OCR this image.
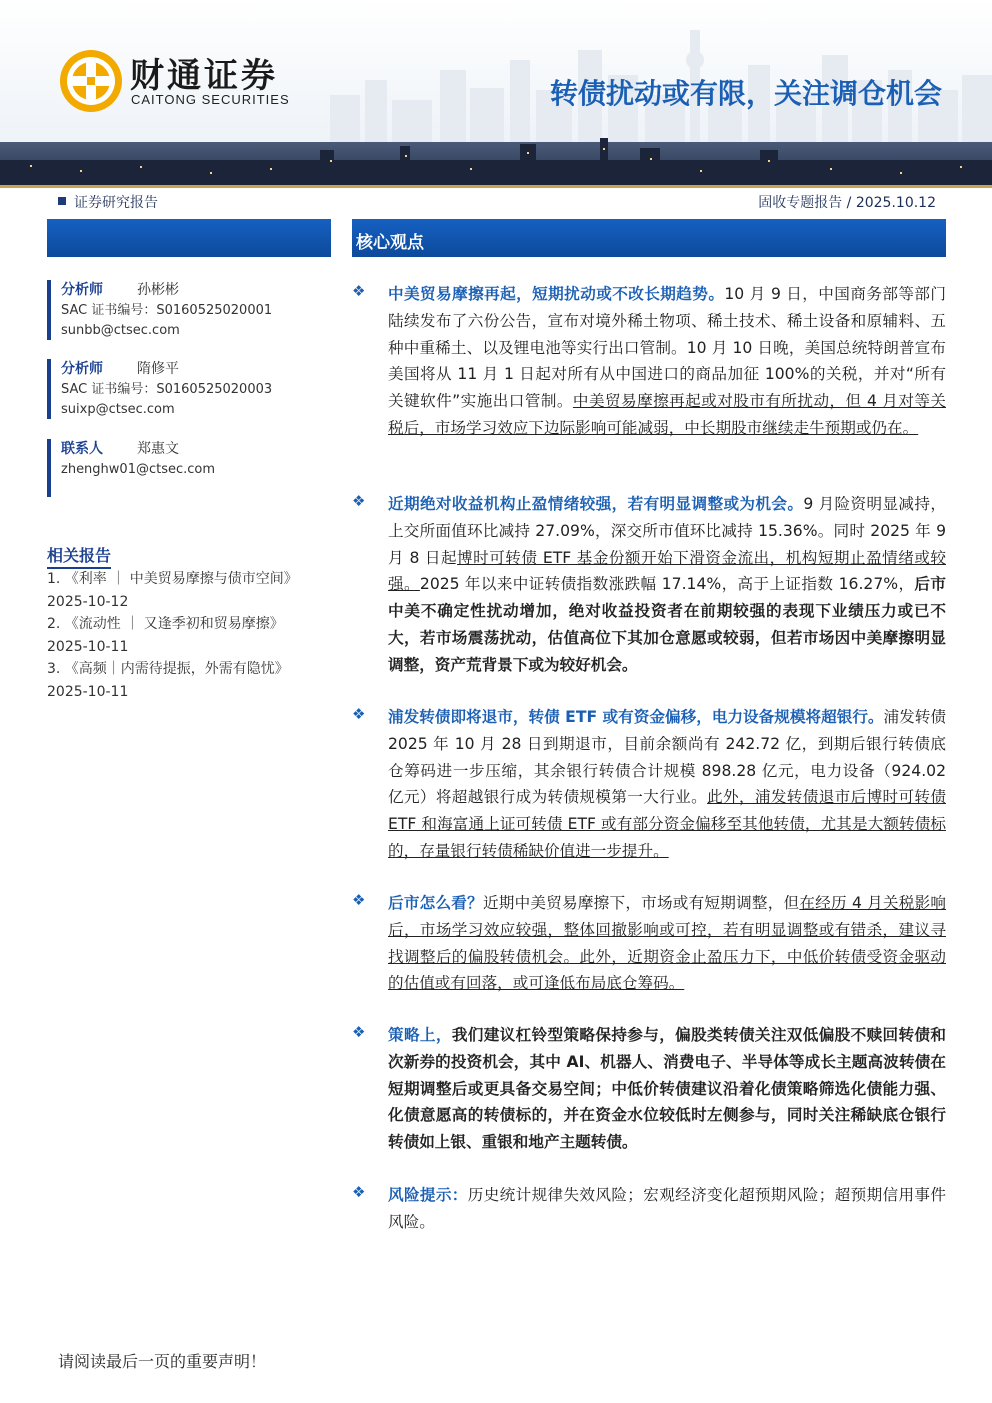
财通证券
CAITONG SECURITIES	转债扰动或有限，关注调仓机会
证券研究报告	固收专题报告 / 2025.10.12
核心观点
分析师 孙彬彬
SAC 证书编号：S0160525020001
sunbb@ctsec.com
分析师 隋修平
SAC 证书编号：S0160525020003
suixp@ctsec.com
联系人 郑惠文
zhenghw01@ctsec.com
相关报告
1. 《利率 ｜ 中美贸易摩擦与债市空间》
2025-10-12
2. 《流动性 ｜ 又逢季初和贸易摩擦》
2025-10-11
3. 《高频｜内需待提振，外需有隐忧》
2025-10-11
❖ 中美贸易摩擦再起，短期扰动或不改长期趋势。10 月 9 日，中国商务部等部门陆续发布了六份公告，宣布对境外稀土物项、稀土技术、稀土设备和原辅料、五种中重稀土、以及锂电池等实行出口管制。10 月 10 日晚，美国总统特朗普宣布美国将从 11 月 1 日起对所有从中国进口的商品加征 100%的关税，并对“所有关键软件”实施出口管制。中美贸易摩擦再起或对股市有所扰动，但 4 月对等关税后，市场学习效应下边际影响可能减弱，中长期股市继续走牛预期或仍在。
❖ 近期绝对收益机构止盈情绪较强，若有明显调整或为机会。9 月险资明显减持，上交所面值环比减持 27.09%，深交所市值环比减持 15.36%。同时 2025 年 9 月 8 日起博时可转债 ETF 基金份额开始下滑资金流出，机构短期止盈情绪或较强。2025 年以来中证转债指数涨跌幅 17.14%，高于上证指数 16.27%，后市中美不确定性扰动增加，绝对收益投资者在前期较强的表现下业绩压力或已不大，若市场震荡扰动，估值高位下其加仓意愿或较弱，但若市场因中美摩擦明显调整，资产荒背景下或为较好机会。
❖ 浦发转债即将退市，转债 ETF 或有资金偏移，电力设备规模将超银行。浦发转债 2025 年 10 月 28 日到期退市，目前余额尚有 242.72 亿，到期后银行转债底仓筹码进一步压缩，其余银行转债合计规模 898.28 亿元，电力设备（924.02 亿元）将超越银行成为转债规模第一大行业。此外，浦发转债退市后博时可转债 ETF 和海富通上证可转债 ETF 或有部分资金偏移至其他转债，尤其是大额转债标的，存量银行转债稀缺价值进一步提升。
❖ 后市怎么看？近期中美贸易摩擦下，市场或有短期调整，但在经历 4 月关税影响后，市场学习效应较强，整体回撤影响或可控，若有明显调整或有错杀，建议寻找调整后的偏股转债机会。此外，近期资金止盈压力下，中低价转债受资金驱动的估值或有回落，或可逢低布局底仓筹码。
❖ 策略上，我们建议杠铃型策略保持参与，偏股类转债关注双低偏股不赎回转债和次新券的投资机会，其中 AI、机器人、消费电子、半导体等成长主题高波转债在短期调整后或更具备交易空间；中低价转债建议沿着化债策略筛选化债能力强、化债意愿高的转债标的，并在资金水位较低时左侧参与，同时关注稀缺底仓银行转债如上银、重银和地产主题转债。
❖ 风险提示：历史统计规律失效风险；宏观经济变化超预期风险；超预期信用事件风险。
请阅读最后一页的重要声明！
